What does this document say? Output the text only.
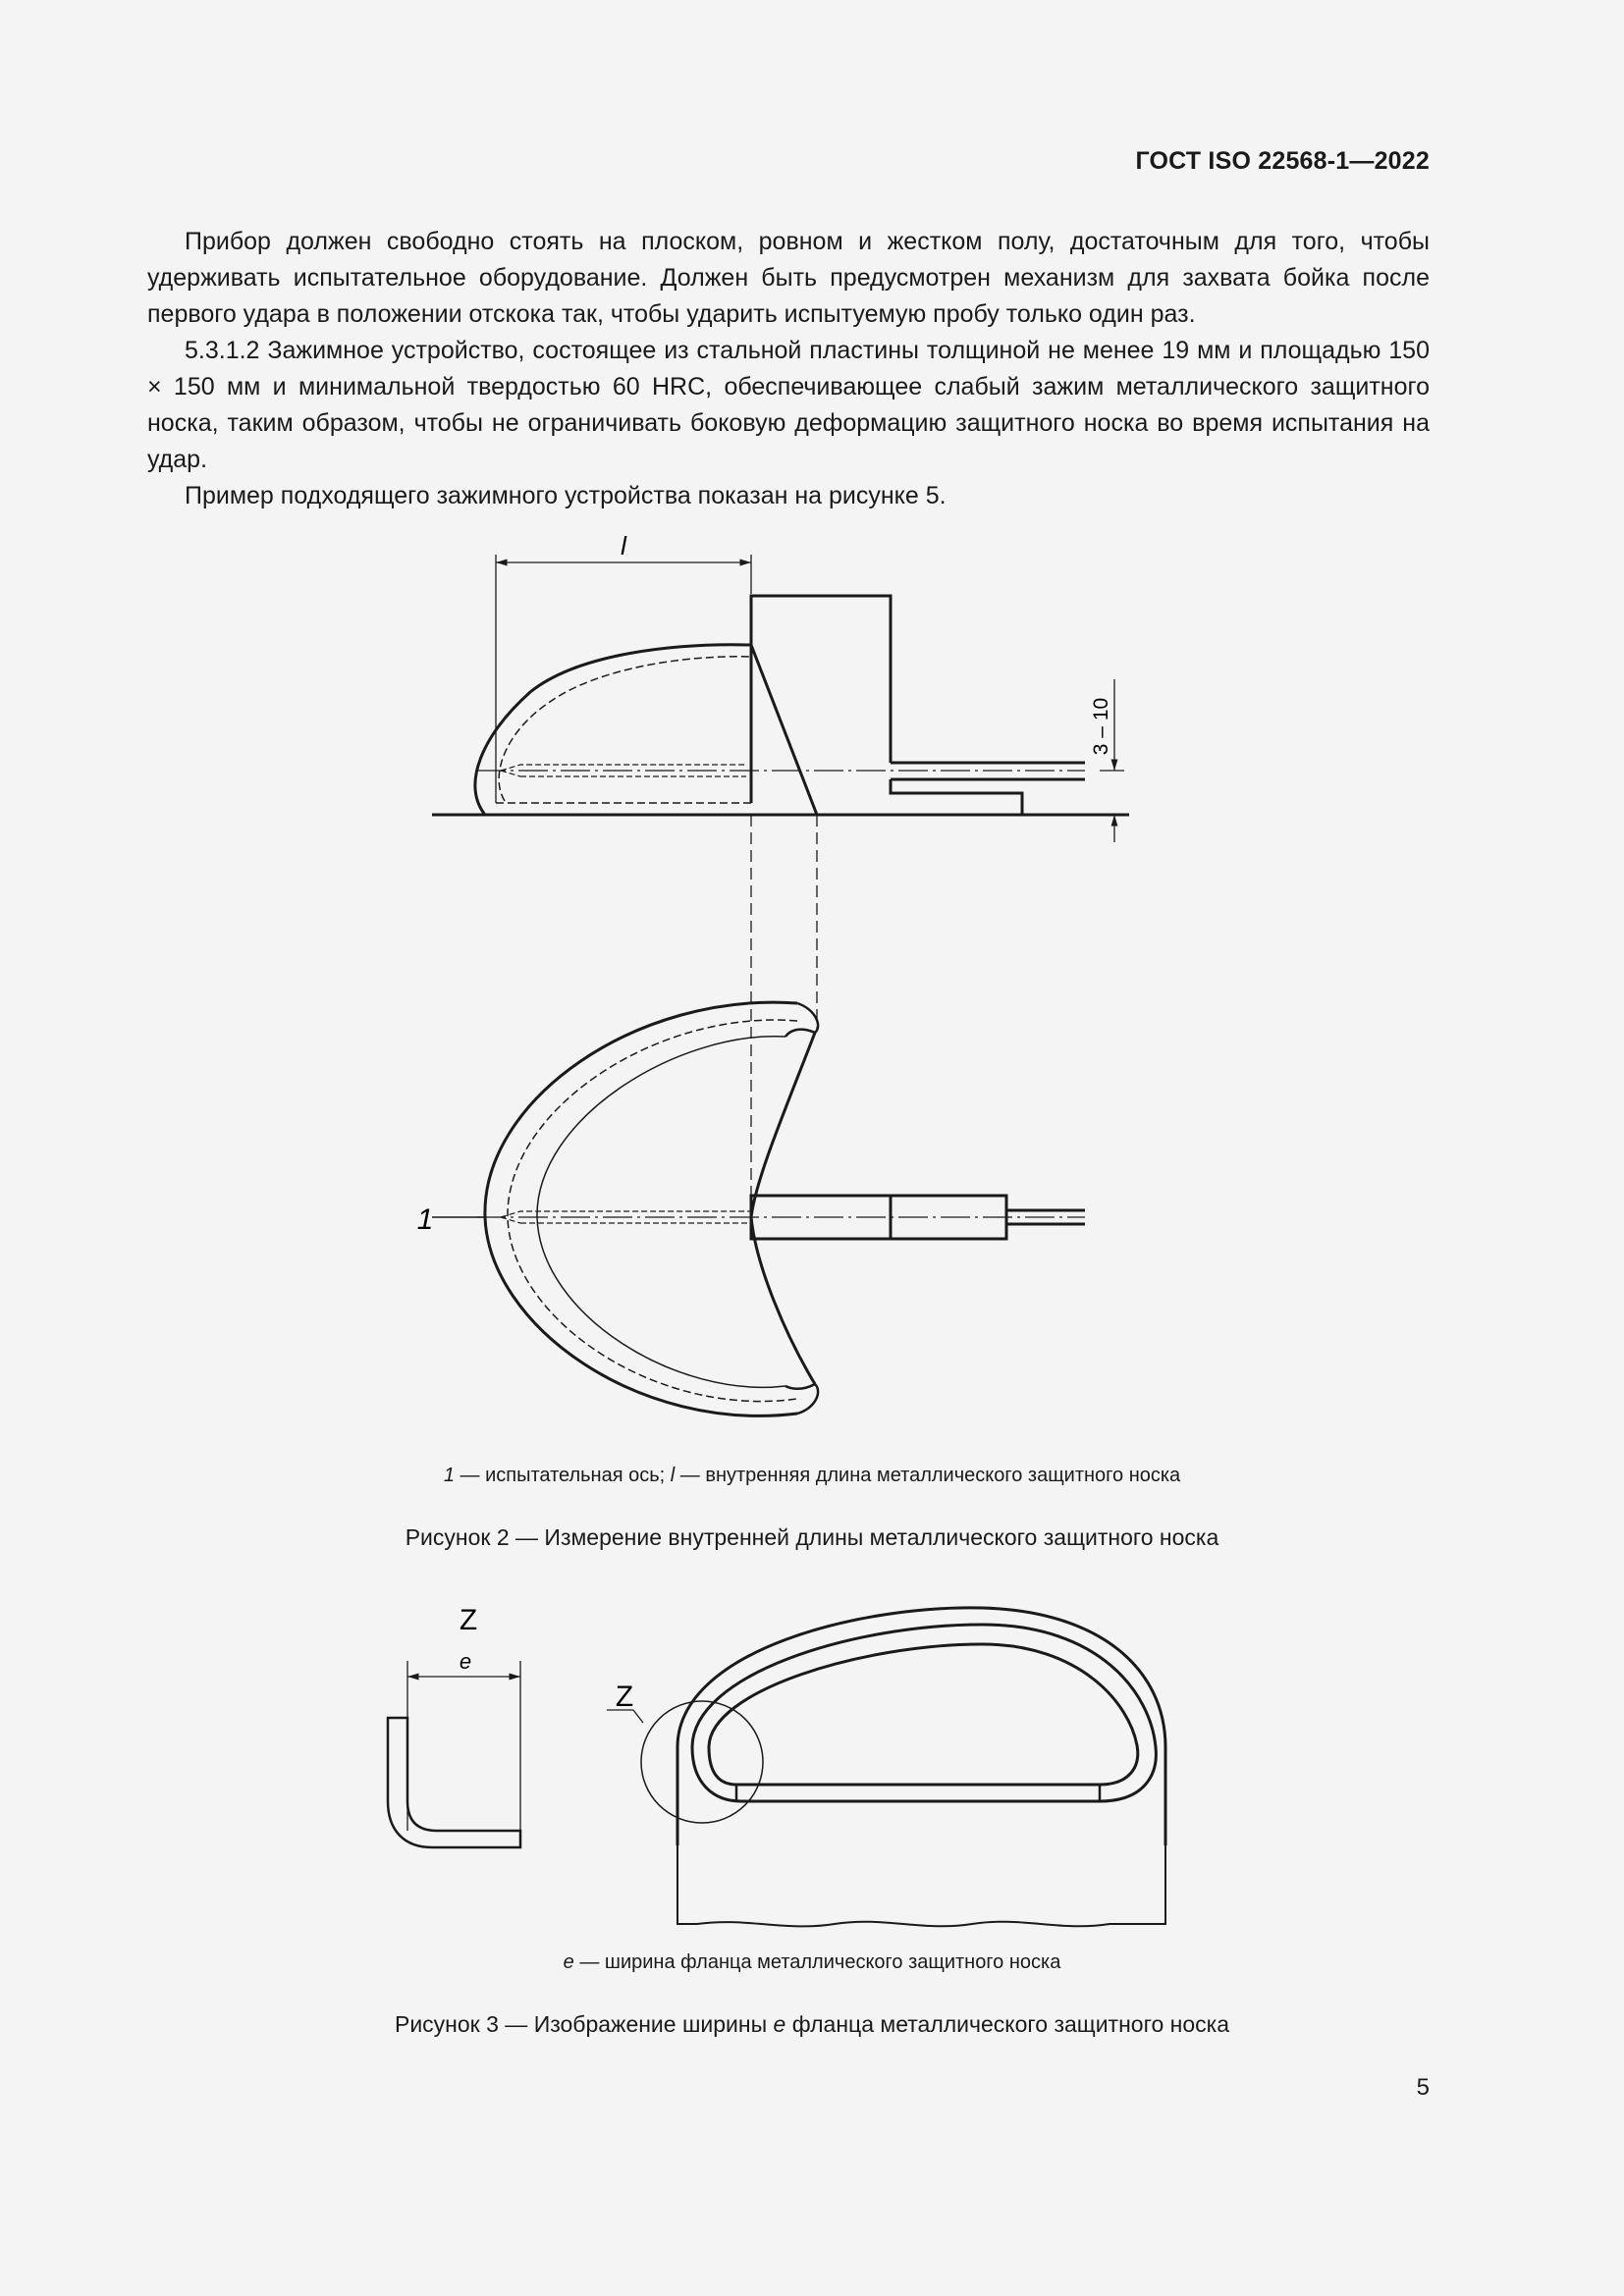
ГОСТ ISO 22568-1—2022

Прибор должен свободно стоять на плоском, ровном и жестком полу, достаточным для того, чтобы удерживать испытательное оборудование. Должен быть предусмотрен механизм для захвата бойка после первого удара в положении отскока так, чтобы ударить испытуемую пробу только один раз.

5.3.1.2 Зажимное устройство, состоящее из стальной пластины толщиной не менее 19 мм и площадью 150 × 150 мм и минимальной твердостью 60 HRC, обеспечивающее слабый зажим металлического защитного носка, таким образом, чтобы не ограничивать боковую деформацию защитного носка во время испытания на удар.

Пример подходящего зажимного устройства показан на рисунке 5.

l
3 – 10
1
1 — испытательная ось; l — внутренняя длина металлического защитного носка
Рисунок 2 — Измерение внутренней длины металлического защитного носка
Z
e
Z
e — ширина фланца металлического защитного носка
Рисунок 3 — Изображение ширины e фланца металлического защитного носка
5
